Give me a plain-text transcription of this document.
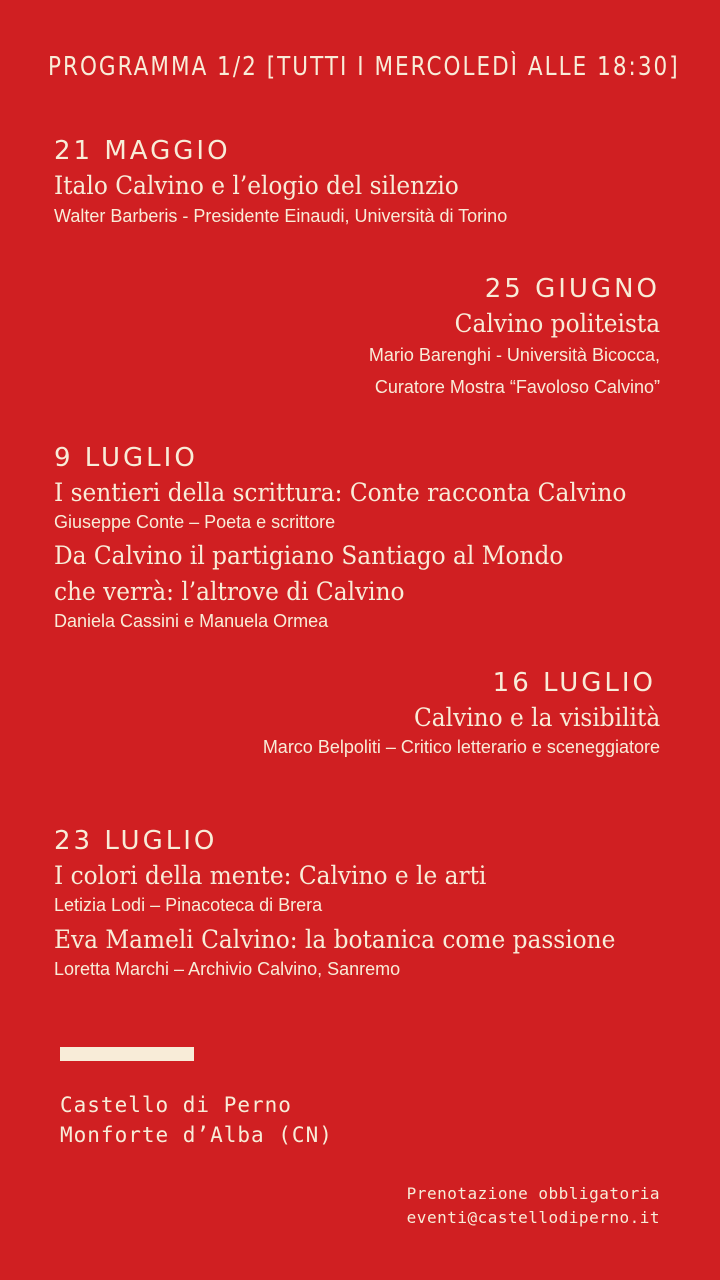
PROGRAMMA 1/2 [TUTTI I MERCOLEDÌ ALLE 18:30]
21 MAGGIO
Italo Calvino e l’elogio del silenzio
Walter Barberis - Presidente Einaudi, Università di Torino
25 GIUGNO
Calvino politeista
Mario Barenghi - Università Bicocca,
Curatore Mostra “Favoloso Calvino”
9 LUGLIO
I sentieri della scrittura: Conte racconta Calvino
Giuseppe Conte – Poeta e scrittore
Da Calvino il partigiano Santiago al Mondo
che verrà: l’altrove di Calvino
Daniela Cassini e Manuela Ormea
16 LUGLIO
Calvino e la visibilità
Marco Belpoliti – Critico letterario e sceneggiatore
23 LUGLIO
I colori della mente: Calvino e le arti
Letizia Lodi – Pinacoteca di Brera
Eva Mameli Calvino: la botanica come passione
Loretta Marchi – Archivio Calvino, Sanremo
Castello di Perno
Monforte d’Alba (CN)
Prenotazione obbligatoria
eventi@castellodiperno.it
